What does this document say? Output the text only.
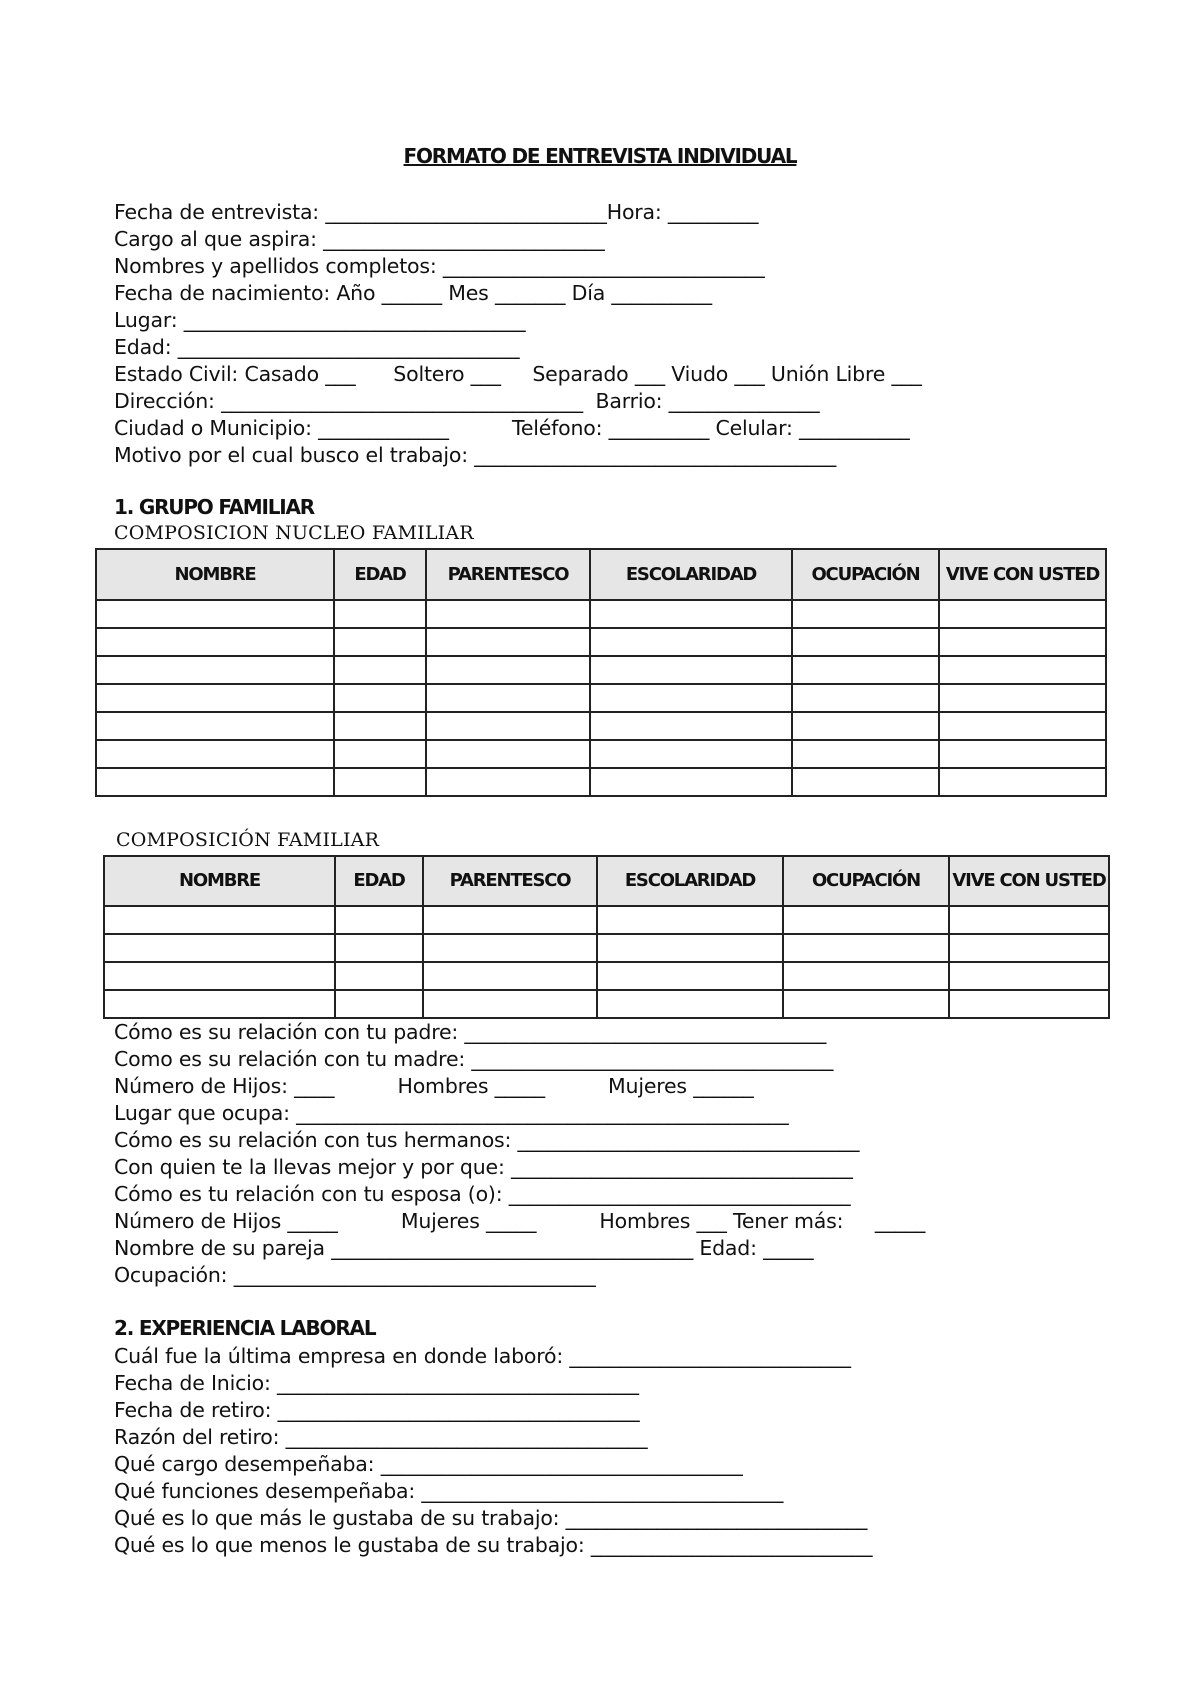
FORMATO DE ENTREVISTA INDIVIDUAL
Fecha de entrevista: ____________________________Hora: _________
Cargo al que aspira: ____________________________
Nombres y apellidos completos: ________________________________
Fecha de nacimiento: Año ______ Mes _______ Día __________
Lugar: __________________________________
Edad: __________________________________
Estado Civil: Casado ___      Soltero ___     Separado ___ Viudo ___ Unión Libre ___
Dirección: ____________________________________  Barrio: _______________
Ciudad o Municipio: _____________          Teléfono: __________ Celular: ___________
Motivo por el cual busco el trabajo: ____________________________________
1. GRUPO FAMILIAR
COMPOSICION NUCLEO FAMILIAR
NOMBRE	EDAD	PARENTESCO	ESCOLARIDAD	OCUPACIÓN	VIVE CON USTED

COMPOSICIÓN FAMILIAR
NOMBRE	EDAD	PARENTESCO	ESCOLARIDAD	OCUPACIÓN	VIVE CON USTED

Cómo es su relación con tu padre: ____________________________________
Como es su relación con tu madre: ____________________________________
Número de Hijos: ____          Hombres _____          Mujeres ______
Lugar que ocupa: _________________________________________________
Cómo es su relación con tus hermanos: __________________________________
Con quien te la llevas mejor y por que: __________________________________
Cómo es tu relación con tu esposa (o): __________________________________
Número de Hijos _____          Mujeres _____          Hombres ___ Tener más:     _____
Nombre de su pareja ____________________________________ Edad: _____
Ocupación: ____________________________________
2. EXPERIENCIA LABORAL
Cuál fue la última empresa en donde laboró: ____________________________
Fecha de Inicio: ____________________________________
Fecha de retiro: ____________________________________
Razón del retiro: ____________________________________
Qué cargo desempeñaba: ____________________________________
Qué funciones desempeñaba: ____________________________________
Qué es lo que más le gustaba de su trabajo: ______________________________
Qué es lo que menos le gustaba de su trabajo: ____________________________
